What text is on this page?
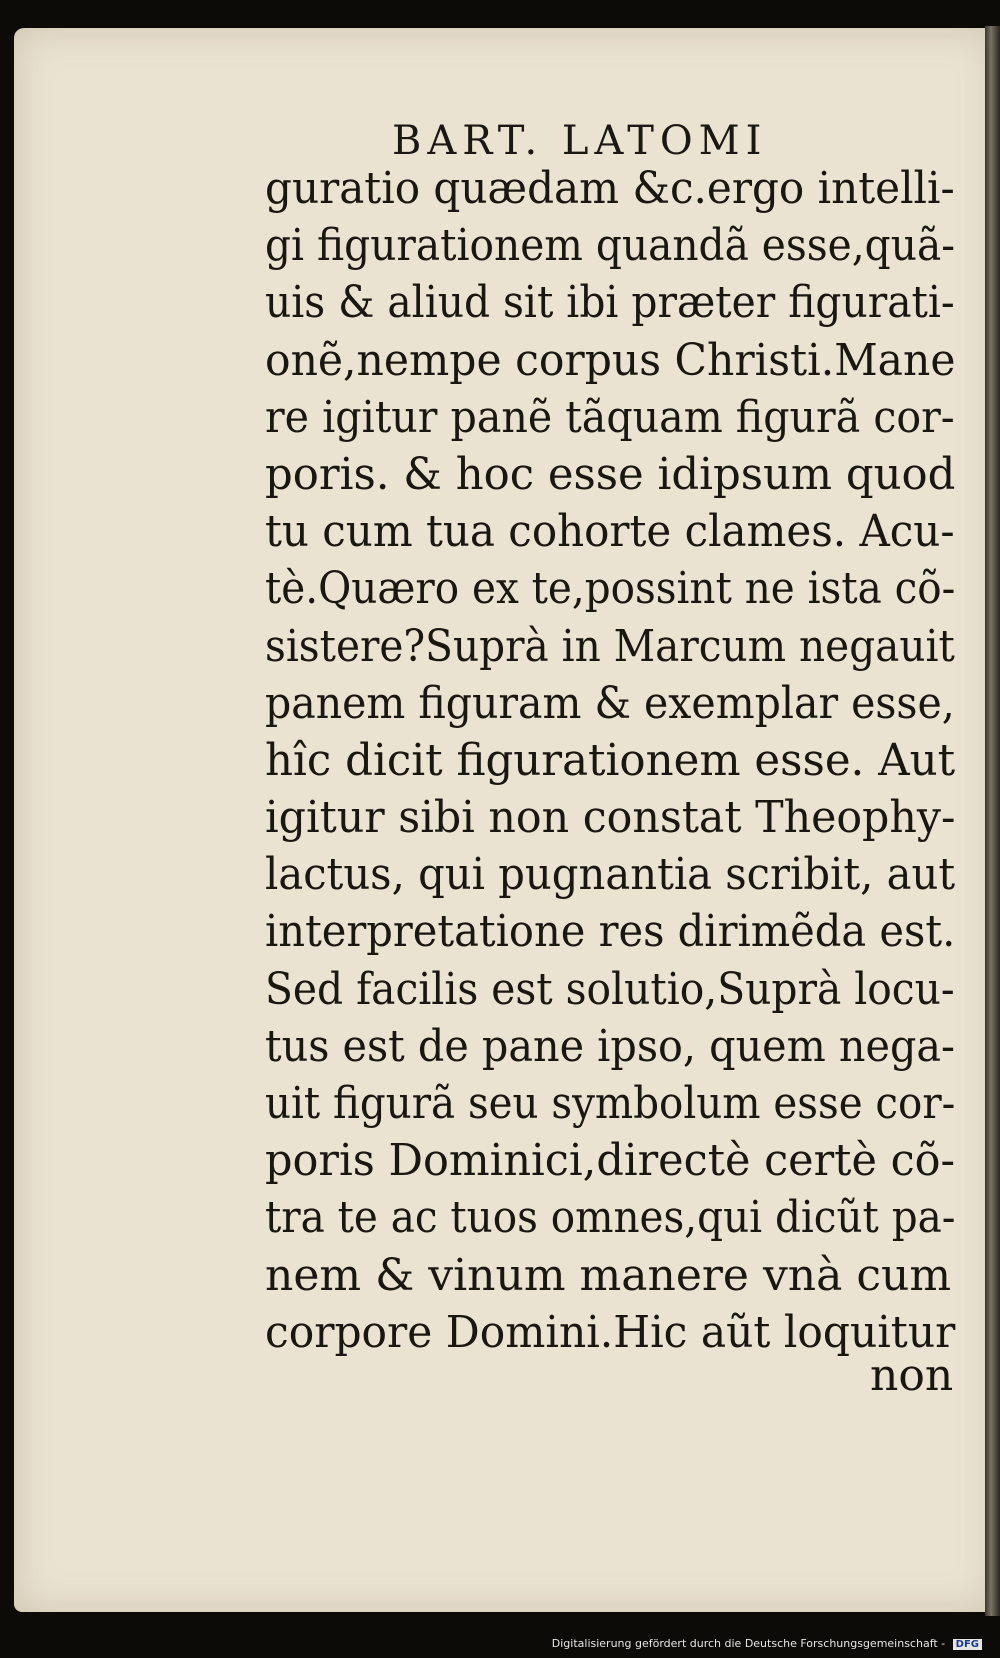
BART. LATOMI
guratio quædam &c.ergo intelli-
gi figurationem quandã esse,quã-
uis & aliud sit ibi præter figurati-
onẽ,nempe corpus Christi.Mane
re igitur panẽ tãquam figurã cor-
poris. & hoc esse idipsum quod
tu cum tua cohorte clames. Acu-
tè.Quæro ex te,possint ne ista cõ-
sistere?Suprà in Marcum negauit
panem figuram & exemplar esse,
hîc dicit figurationem esse. Aut
igitur sibi non constat Theophy-
lactus, qui pugnantia scribit, aut
interpretatione res dirimẽda est.
Sed facilis est solutio,Suprà locu-
tus est de pane ipso, quem nega-
uit figurã seu symbolum esse cor-
poris Dominici,directè certè cõ-
tra te ac tuos omnes,qui dicũt pa-
nem & vinum manere vnà cum
corpore Domini.Hic aũt loquitur
non
Digitalisierung gefördert durch die Deutsche Forschungsgemeinschaft - DFG
